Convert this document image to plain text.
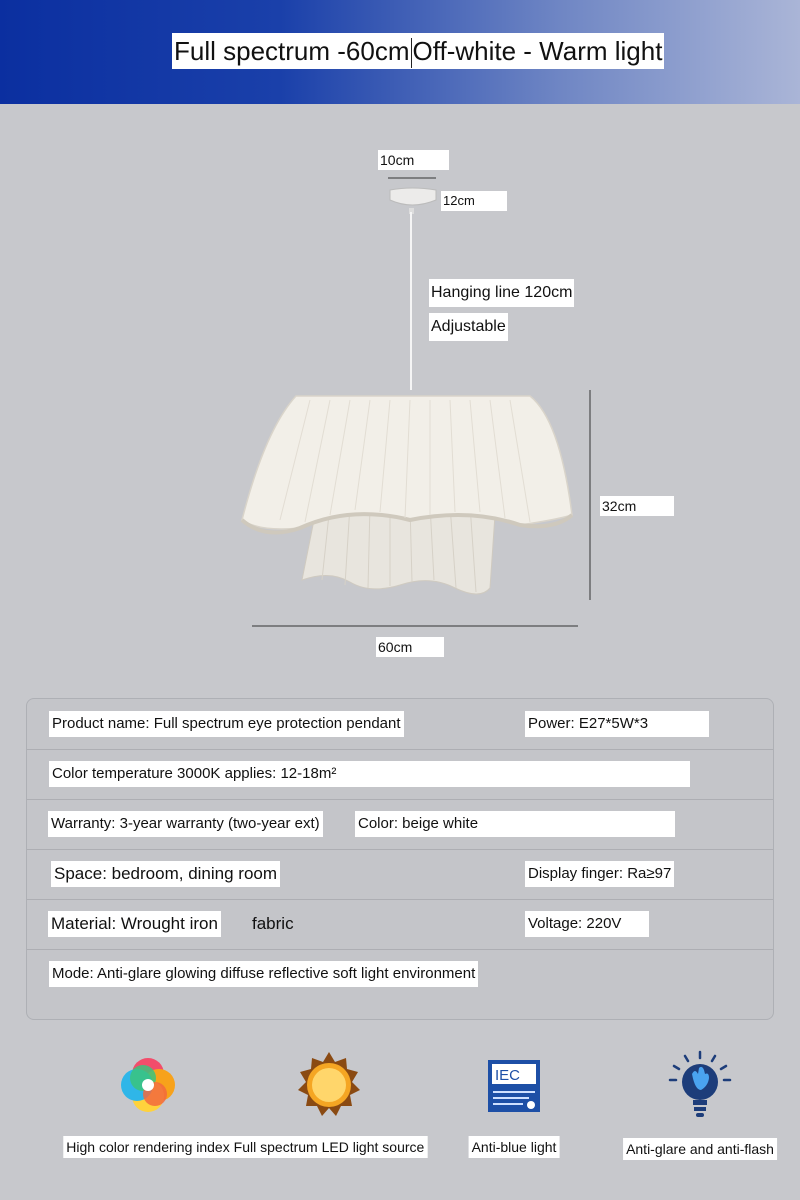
Full spectrum -60cm Off-white - Warm light
10cm
12cm
Hanging line 120cm
Adjustable
32cm
60cm
Product name: Full spectrum eye protection pendant	Power: E27*5W*3
Color temperature 3000K applies: 12-18m²
Warranty: 3-year warranty (two-year ext)	Color: beige white
Space: bedroom, dining room	Display finger: Ra≥97
Material: Wrought iron fabric	Voltage: 220V
Mode: Anti-glare glowing diffuse reflective soft light environment
High color rendering index Full spectrum LED light source
IEC
Anti-blue light	Anti-glare and anti-flash
